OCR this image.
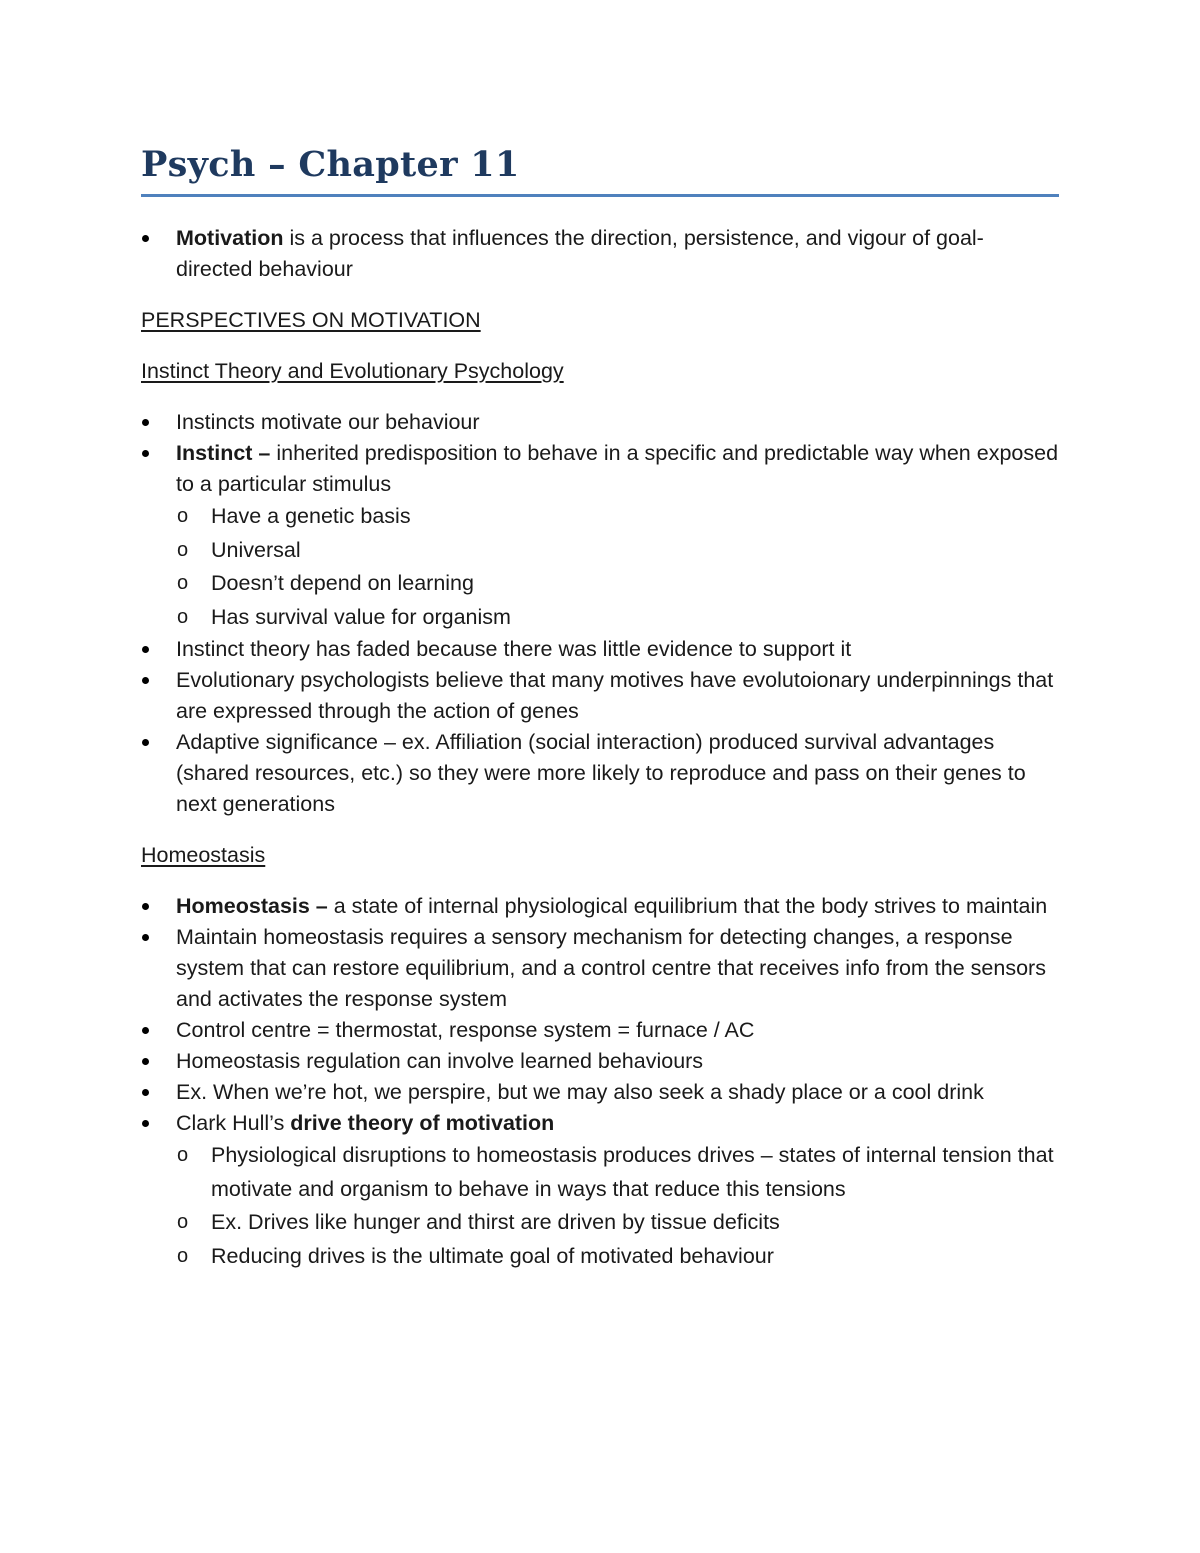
Psych – Chapter 11
Motivation is a process that influences the direction, persistence, and vigour of goal-directed behaviour
PERSPECTIVES ON MOTIVATION
Instinct Theory and Evolutionary Psychology
Instincts motivate our behaviour
Instinct – inherited predisposition to behave in a specific and predictable way when exposed to a particular stimulus
o Have a genetic basis
o Universal
o Doesn’t depend on learning
o Has survival value for organism
Instinct theory has faded because there was little evidence to support it
Evolutionary psychologists believe that many motives have evolutoionary underpinnings that are expressed through the action of genes
Adaptive significance – ex. Affiliation (social interaction) produced survival advantages (shared resources, etc.) so they were more likely to reproduce and pass on their genes to next generations
Homeostasis
Homeostasis – a state of internal physiological equilibrium that the body strives to maintain
Maintain homeostasis requires a sensory mechanism for detecting changes, a response system that can restore equilibrium, and a control centre that receives info from the sensors and activates the response system
Control centre = thermostat, response system = furnace / AC
Homeostasis regulation can involve learned behaviours
Ex. When we’re hot, we perspire, but we may also seek a shady place or a cool drink
Clark Hull’s drive theory of motivation
o Physiological disruptions to homeostasis produces drives – states of internal tension that motivate and organism to behave in ways that reduce this tensions
o Ex. Drives like hunger and thirst are driven by tissue deficits
o Reducing drives is the ultimate goal of motivated behaviour
